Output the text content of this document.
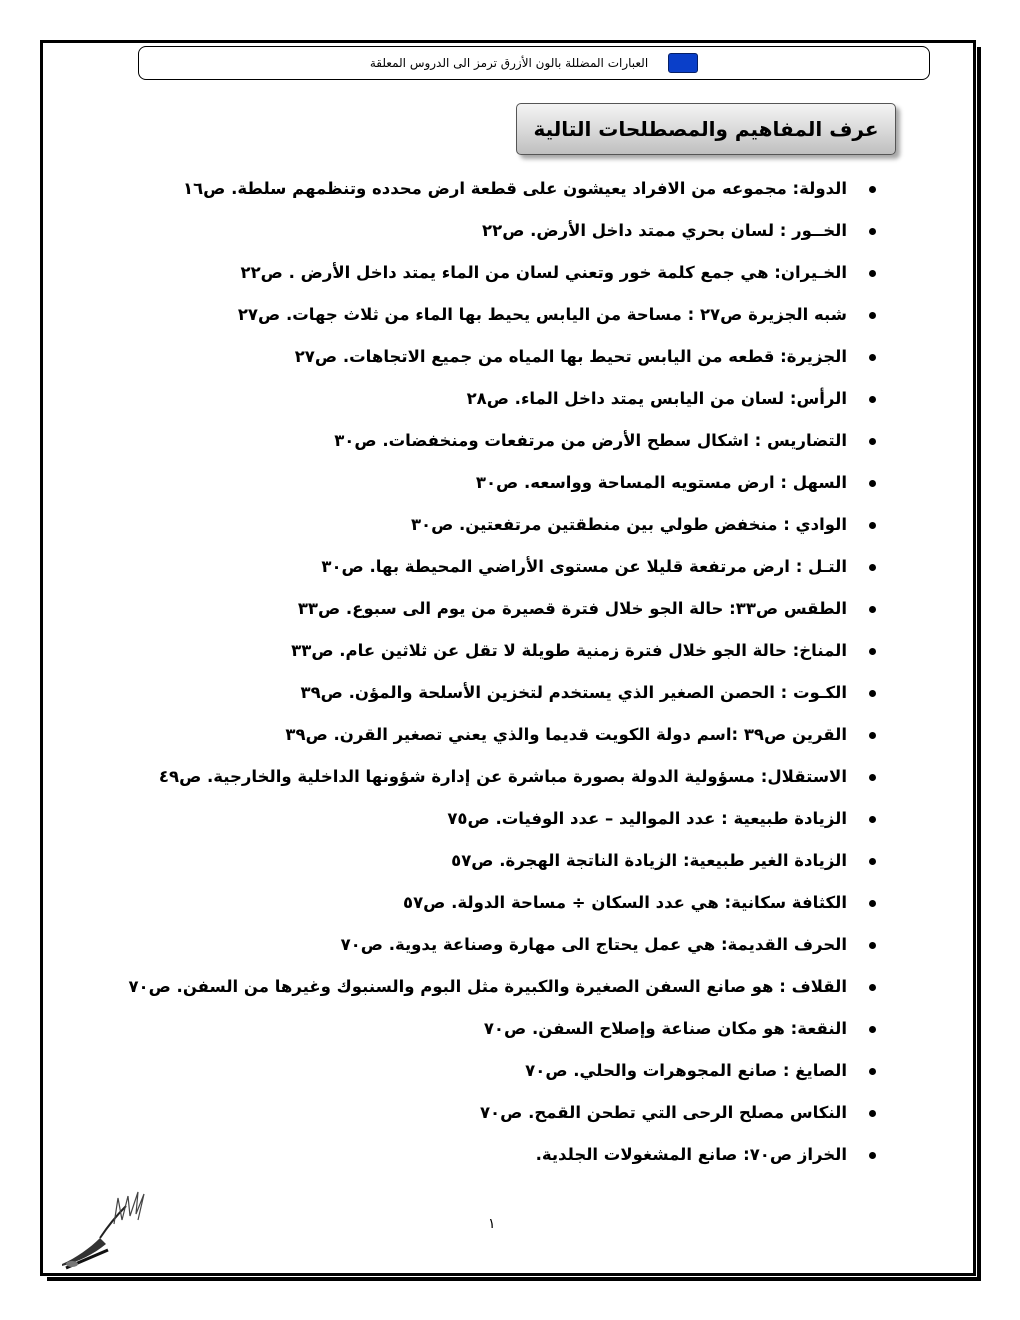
العبارات المضللة بالون الأزرق ترمز الى الدروس المعلقة
عرف المفاهيم والمصطلحات التالية
الدولة: مجموعه من الافراد يعيشون على قطعة ارض محدده وتنظمهم سلطة. ص١٦
الخــور : لسان بحري ممتد داخل الأرض. ص٢٢
الخـيران: هي جمع كلمة خور وتعني لسان من الماء يمتد داخل الأرض . ص٢٢
شبه الجزيرة ص٢٧ : مساحة من اليابس يحيط بها الماء من ثلاث جهات. ص٢٧
الجزيرة: قطعه من اليابس تحيط بها المياه من جميع الاتجاهات. ص٢٧
الرأس: لسان من اليابس يمتد داخل الماء. ص٢٨
التضاريس : اشكال سطح الأرض من مرتفعات ومنخفضات. ص٣٠
السهل : ارض مستويه المساحة وواسعه. ص٣٠
الوادي : منخفض طولي بين منطقتين مرتفعتين. ص٣٠
التـل : ارض مرتفعة قليلا عن مستوى الأراضي المحيطة بها. ص٣٠
الطقس ص٣٣: حالة الجو خلال فترة قصيرة من يوم الى سبوع. ص٣٣
المناخ: حالة الجو خلال فترة زمنية طويلة لا تقل عن ثلاثين عام. ص٣٣
الكـوت : الحصن الصغير الذي يستخدم لتخزين الأسلحة والمؤن. ص٣٩
القرين ص٣٩ :اسم دولة الكويت قديما والذي يعني تصغير القرن. ص٣٩
الاستقلال: مسؤولية الدولة بصورة مباشرة عن إدارة شؤونها الداخلية والخارجية. ص٤٩
الزيادة طبيعية : عدد المواليد – عدد الوفيات. ص٧٥
الزيادة الغير طبيعية: الزيادة الناتجة الهجرة. ص٥٧
الكثافة سكانية: هي عدد السكان ÷ مساحة الدولة. ص٥٧
الحرف القديمة: هي عمل يحتاج الى مهارة وصناعة يدوية. ص٧٠
القلاف : هو صانع السفن الصغيرة والكبيرة مثل البوم والسنبوك وغيرها من السفن. ص٧٠
النقعة: هو مكان صناعة وإصلاح السفن. ص٧٠
الصايغ : صانع المجوهرات والحلي. ص٧٠
النكاس مصلح الرحى التي تطحن القمح. ص٧٠
الخراز ص٧٠: صانع المشغولات الجلدية.
١
